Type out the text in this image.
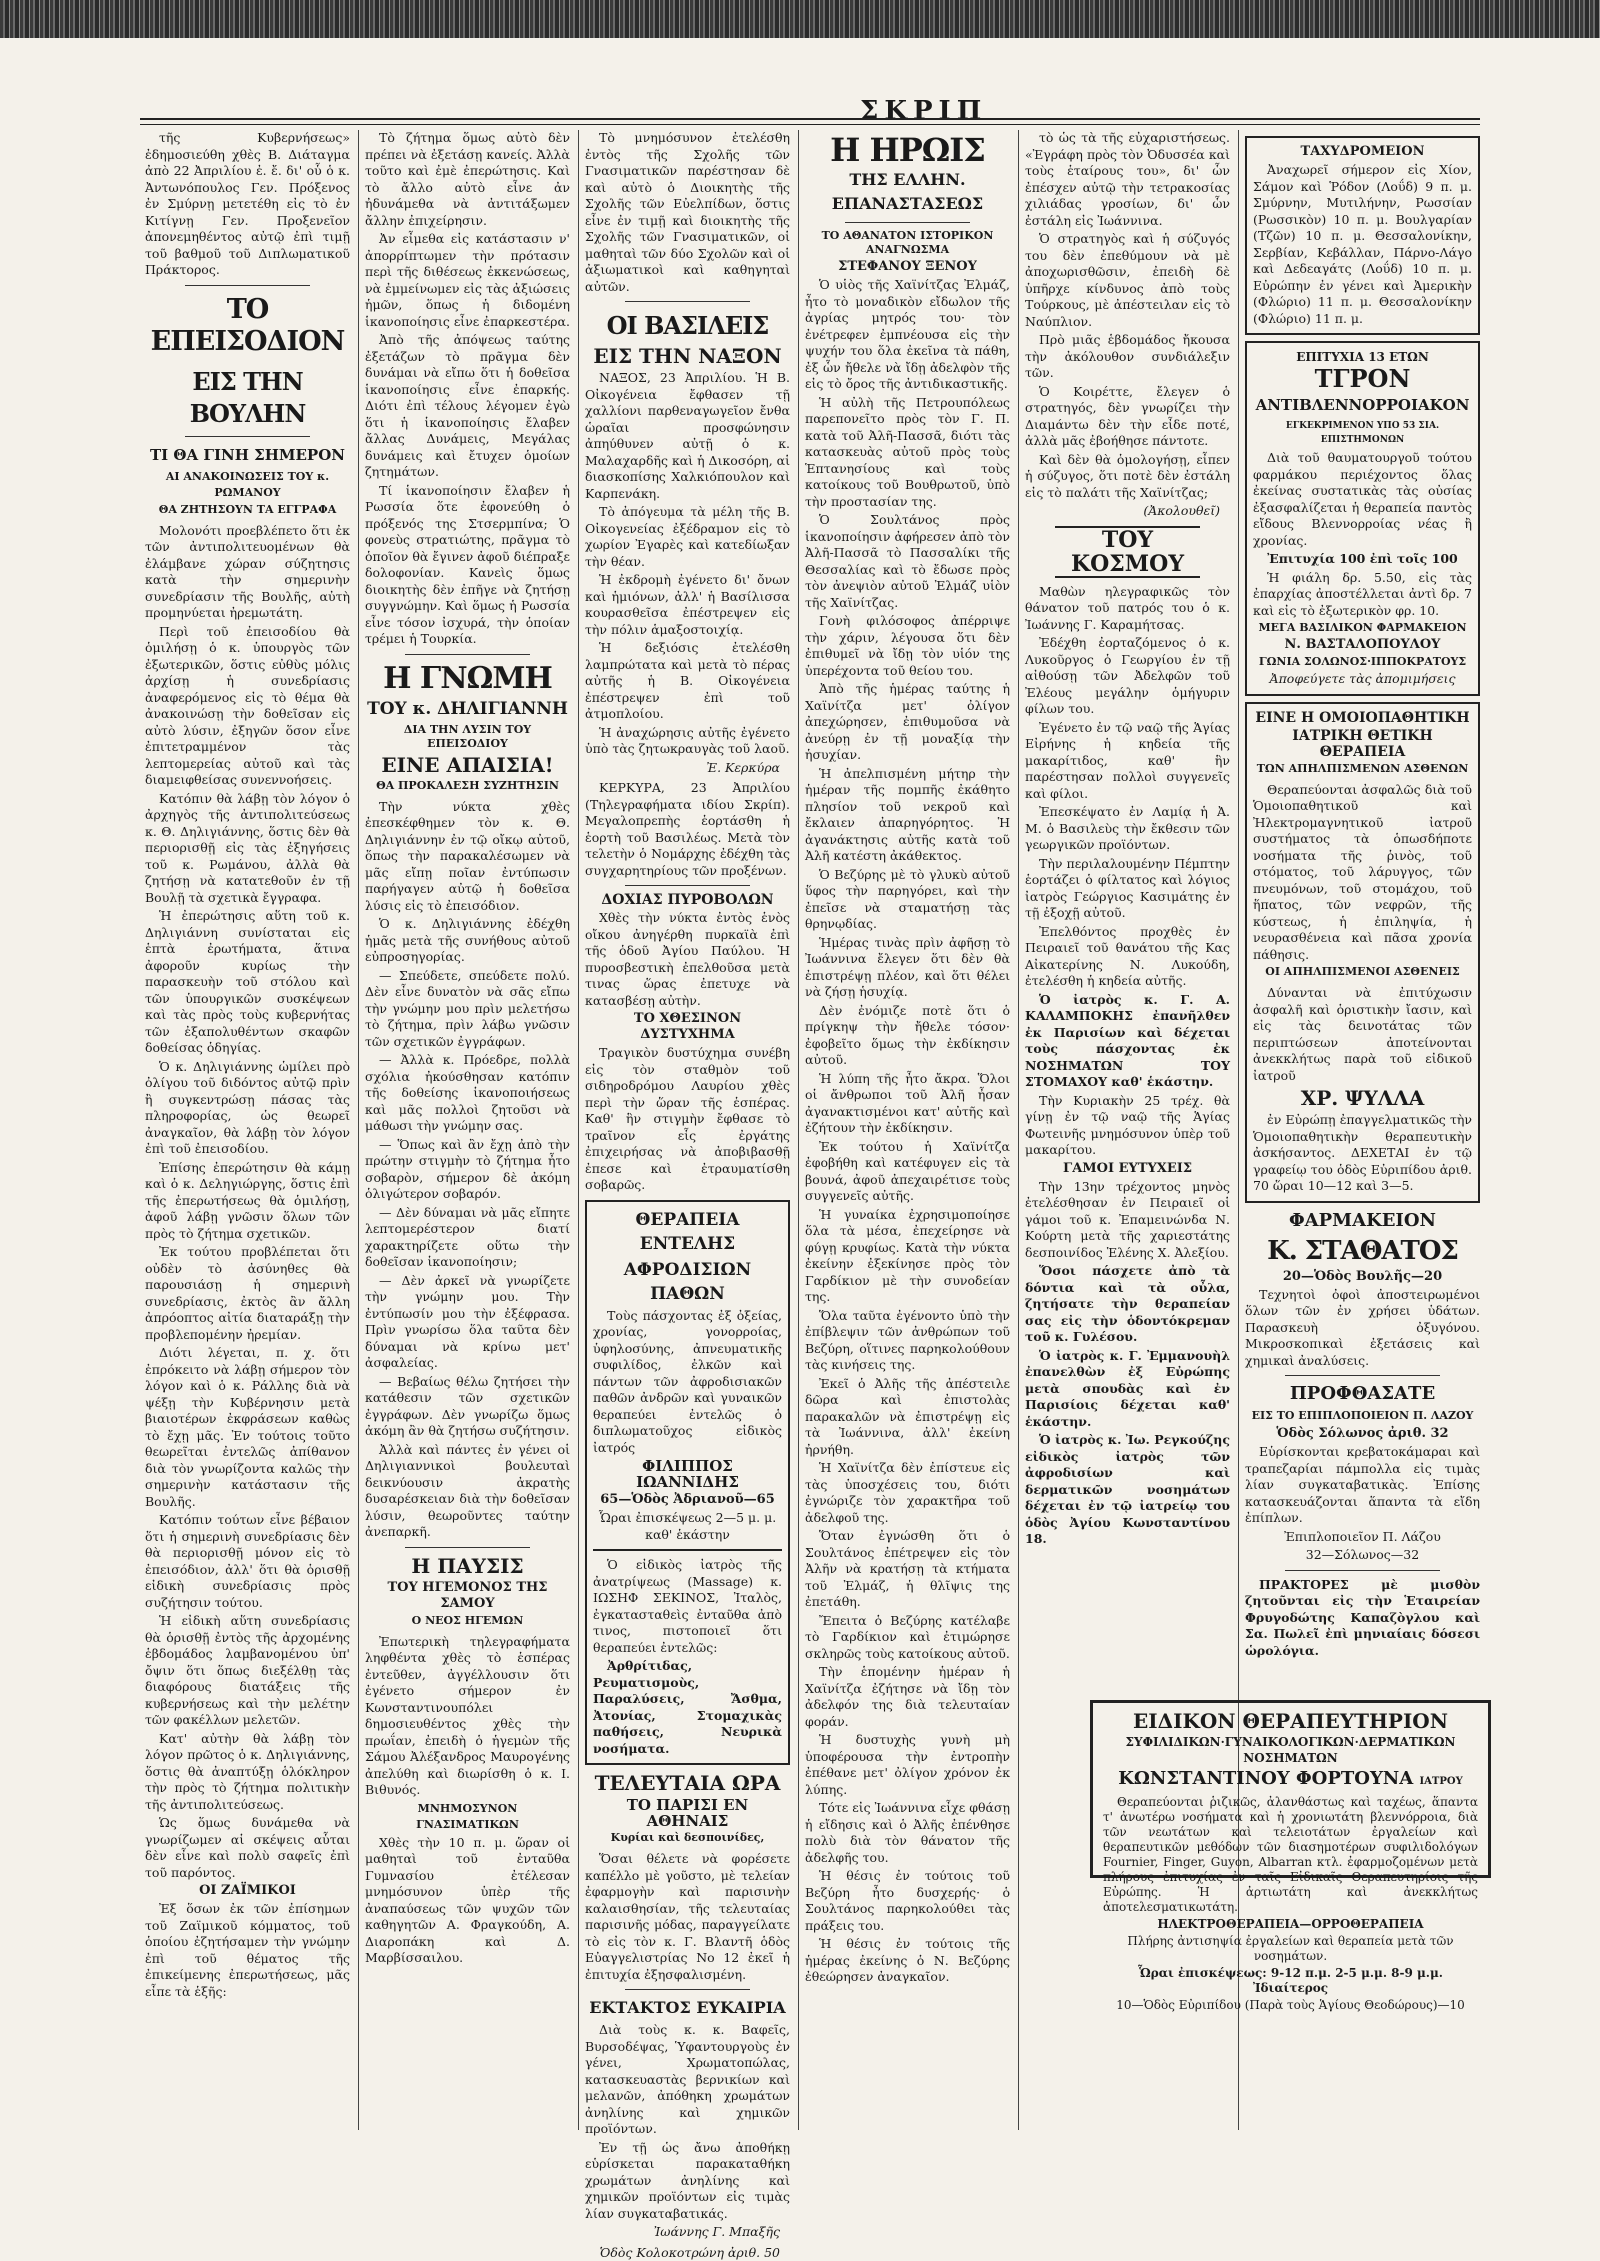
ΣΚΡΙΠ

τῆς Κυβερνήσεως» ἐδημοσιεύθη χθὲς Β. Διάταγμα ἀπὸ 22 Ἀπριλίου ἐ. ἔ. δι' οὗ ὁ κ. Ἀντωνόπουλος Γεν. Πρόξενος ἐν Σμύρνῃ μετετέθη εἰς τὸ ἐν Κιτίγνῃ Γεν. Προξενεῖον ἀπονεμηθέντος αὐτῷ ἐπὶ τιμῇ τοῦ βαθμοῦ τοῦ Διπλωματικοῦ Πράκτορος.

ΤΟ ΕΠΕΙΣΟΔΙΟΝ
ΕΙΣ ΤΗΝ ΒΟΥΛΗΝ
ΤΙ ΘΑ ΓΙΝΗ ΣΗΜΕΡΟΝ
ΑΙ ΑΝΑΚΟΙΝΩΣΕΙΣ ΤΟΥ κ. ΡΩΜΑΝΟΥ
ΘΑ ΖΗΤΗΣΟΥΝ ΤΑ ΕΓΓΡΑΦΑ

Μολονότι προεβλέπετο ὅτι ἐκ τῶν ἀντιπολιτευομένων θὰ ἐλάμβανε χώραν σύζητησις κατὰ τὴν σημερινὴν συνεδρίασιν τῆς Βουλῆς, αὐτὴ προμηνύεται ἠρεμωτάτη.

Περὶ τοῦ ἐπεισοδίου θὰ ὁμιλήσῃ ὁ κ. ὑπουργὸς τῶν ἐξωτερικῶν, ὅστις εὐθὺς μόλις ἀρχίσῃ ἡ συνεδρίασις ἀναφερόμενος εἰς τὸ θέμα θὰ ἀνακοινώσῃ τὴν δοθεῖσαν εἰς αὐτὸ λύσιν, ἐξηγῶν ὅσον εἶνε ἐπιτετραμμένον τὰς λεπτομερείας αὐτοῦ καὶ τὰς διαμειφθείσας συνεννοήσεις.

Κατόπιν θὰ λάβῃ τὸν λόγον ὁ ἀρχηγὸς τῆς ἀντιπολιτεύσεως κ. Θ. Δηλιγιάννης, ὅστις δὲν θὰ περιορισθῇ εἰς τὰς ἐξηγήσεις τοῦ κ. Ρωμάνου, ἀλλὰ θὰ ζητήσῃ νὰ κατατεθοῦν ἐν τῇ Βουλῇ τὰ σχετικὰ ἔγγραφα.

Ἡ ἐπερώτησις αὕτη τοῦ κ. Δηλιγιάννη συνίσταται εἰς ἑπτὰ ἐρωτήματα, ἅτινα ἀφοροῦν κυρίως τὴν παρασκευὴν τοῦ στόλου καὶ τῶν ὑπουργικῶν συσκέψεων καὶ τὰς πρὸς τοὺς κυβερνήτας τῶν ἐξαπολυθέντων σκαφῶν δοθείσας ὁδηγίας.

Ὁ κ. Δηλιγιάννης ὡμίλει πρὸ ὀλίγου τοῦ διδόντος αὐτῷ πρὶν ἢ συγκεντρώσῃ πάσας τὰς πληροφορίας, ὡς θεωρεῖ ἀναγκαῖον, θὰ λάβῃ τὸν λόγον ἐπὶ τοῦ ἐπεισοδίου.

Ἐπίσης ἐπερώτησιν θὰ κάμῃ καὶ ὁ κ. Δεληγιώργης, ὅστις ἐπὶ τῆς ἐπερωτήσεως θὰ ὁμιλήσῃ, ἀφοῦ λάβῃ γνῶσιν ὅλων τῶν πρὸς τὸ ζήτημα σχετικῶν.

Ἐκ τούτου προβλέπεται ὅτι οὐδὲν τὸ ἀσύνηθες θὰ παρουσιάσῃ ἡ σημερινὴ συνεδρίασις, ἐκτὸς ἂν ἄλλη ἀπρόοπτος αἰτία διαταράξῃ τὴν προβλεπομένην ἠρεμίαν.

Διότι λέγεται, π. χ. ὅτι ἐπρόκειτο νὰ λάβῃ σήμερον τὸν λόγον καὶ ὁ κ. Ράλλης διὰ νὰ ψέξῃ τὴν Κυβέρνησιν μετὰ βιαιοτέρων ἐκφράσεων καθὼς τὸ ἔχῃ μᾶς. Ἐν τούτοις τοῦτο θεωρεῖται ἐντελῶς ἀπίθανον διὰ τὸν γνωρίζοντα καλῶς τὴν σημερινὴν κατάστασιν τῆς Βουλῆς.

Κατόπιν τούτων εἶνε βέβαιον ὅτι ἡ σημερινὴ συνεδρίασις δὲν θὰ περιορισθῇ μόνον εἰς τὸ ἐπεισόδιον, ἀλλ' ὅτι θὰ ὁρισθῇ εἰδικὴ συνεδρίασις πρὸς συζήτησιν τούτου.

Ἡ εἰδικὴ αὕτη συνεδρίασις θὰ ὁρισθῇ ἐντὸς τῆς ἀρχομένης ἑβδομάδος λαμβανομένου ὑπ' ὄψιν ὅτι ὅπως διεξέλθῃ τὰς διαφόρους διατάξεις τῆς κυβερνήσεως καὶ τὴν μελέτην τῶν φακέλλων μελετῶν.

Κατ' αὐτὴν θὰ λάβῃ τὸν λόγον πρῶτος ὁ κ. Δηλιγιάννης, ὅστις θὰ ἀναπτύξῃ ὁλόκληρον τὴν πρὸς τὸ ζήτημα πολιτικὴν τῆς ἀντιπολιτεύσεως.

Ὡς ὅμως δυνάμεθα νὰ γνωρίζωμεν αἱ σκέψεις αὗται δὲν εἶνε καὶ πολὺ σαφεῖς ἐπὶ τοῦ παρόντος.

ΟΙ ΖΑΪΜΙΚΟΙ

Ἐξ ὅσων ἐκ τῶν ἐπίσημων τοῦ Ζαϊμικοῦ κόμματος, τοῦ ὁποίου ἐζητήσαμεν τὴν γνώμην ἐπὶ τοῦ θέματος τῆς ἐπικείμενης ἐπερωτήσεως, μᾶς εἶπε τὰ ἑξῆς:

Τὸ ζήτημα ὅμως αὐτὸ δὲν πρέπει νὰ ἐξετάσῃ κανείς. Ἀλλὰ τοῦτο καὶ ἐμὲ ἐπερώτησις. Καὶ τὸ ἄλλο αὐτὸ εἶνε ἀν ἠδυνάμεθα νὰ ἀντιτάξωμεν ἄλλην ἐπιχείρησιν.

Ἀν εἶμεθα εἰς κατάστασιν ν' ἀπορρίπτωμεν τὴν πρότασιν περὶ τῆς διθέσεως ἐκκενώσεως, νὰ ἐμμείνωμεν εἰς τὰς ἀξιώσεις ἡμῶν, ὅπως ἡ διδομένη ἱκανοποίησις εἶνε ἐπαρκεστέρα.

Ἀπὸ τῆς ἀπόψεως ταύτης ἐξετάζων τὸ πρᾶγμα δὲν δυνάμαι νὰ εἴπω ὅτι ἡ δοθεῖσα ἱκανοποίησις εἶνε ἐπαρκής. Διότι ἐπὶ τέλους λέγομεν ἐγὼ ὅτι ἡ ἱκανοποίησις ἔλαβεν ἄλλας Δυνάμεις, Μεγάλας δυνάμεις καὶ ἔτυχεν ὁμοίων ζητημάτων.

Τί ἱκανοποίησιν ἔλαβεν ἡ Ρωσσία ὅτε ἐφονεύθη ὁ πρόξενός της Στσερμπίνα; Ὁ φονεὺς στρατιώτης, πρᾶγμα τὸ ὁποῖον θὰ ἔγινεν ἀφοῦ διέπραξε δολοφονίαν. Κανεὶς ὅμως διοικητὴς δὲν ἐπῆγε νὰ ζητήσῃ συγγνώμην. Καὶ ὅμως ἡ Ρωσσία εἶνε τόσον ἰσχυρά, τὴν ὁποίαν τρέμει ἡ Τουρκία.

Η ΓΝΩΜΗ
ΤΟΥ κ. ΔΗΛΙΓΙΑΝΝΗ
ΔΙΑ ΤΗΝ ΛΥΣΙΝ ΤΟΥ ΕΠΕΙΣΟΔΙΟΥ
ΕΙΝΕ ΑΠΑΙΣΙΑ!
ΘΑ ΠΡΟΚΑΛΕΣΗ ΣΥΖΗΤΗΣΙΝ

Τὴν νύκτα χθὲς ἐπεσκέφθημεν τὸν κ. Θ. Δηλιγιάννην ἐν τῷ οἴκῳ αὐτοῦ, ὅπως τὴν παρακαλέσωμεν νὰ μᾶς εἴπῃ ποῖαν ἐντύπωσιν παρήγαγεν αὐτῷ ἡ δοθεῖσα λύσις εἰς τὸ ἐπεισόδιον.

Ὁ κ. Δηλιγιάννης ἐδέχθη ἡμᾶς μετὰ τῆς συνήθους αὐτοῦ εὐπροσηγορίας.

— Σπεύδετε, σπεύδετε πολύ. Δὲν εἶνε δυνατὸν νὰ σᾶς εἴπω τὴν γνώμην μου πρὶν μελετήσω τὸ ζήτημα, πρὶν λάβω γνῶσιν τῶν σχετικῶν ἐγγράφων.

— Ἀλλὰ κ. Πρόεδρε, πολλὰ σχόλια ἠκούσθησαν κατόπιν τῆς δοθείσης ἱκανοποιήσεως καὶ μᾶς πολλοὶ ζητοῦσι νὰ μάθωσι τὴν γνώμην σας.

— Ὅπως καὶ ἂν ἔχῃ ἀπὸ τὴν πρώτην στιγμὴν τὸ ζήτημα ἦτο σοβαρὸν, σήμερον δὲ ἀκόμη ὁλιγώτερον σοβαρόν.

— Δὲν δύναμαι νὰ μᾶς εἴπητε λεπτομερέστερον διατί χαρακτηρίζετε οὕτω τὴν δοθεῖσαν ἱκανοποίησιν;

— Δὲν ἀρκεῖ νὰ γνωρίζετε τὴν γνώμην μου. Τὴν ἐντύπωσίν μου τὴν ἐξέφρασα. Πρὶν γνωρίσω ὅλα ταῦτα δὲν δύναμαι νὰ κρίνω μετ' ἀσφαλείας.

— Βεβαίως θέλω ζητήσει τὴν κατάθεσιν τῶν σχετικῶν ἐγγράφων. Δὲν γνωρίζω ὅμως ἀκόμη ἂν θὰ ζητήσω συζήτησιν.

Ἀλλὰ καὶ πάντες ἐν γένει οἱ Δηλιγιαννικοὶ βουλευταὶ δεικνύουσιν ἀκρατὴς δυσαρέσκειαν διὰ τὴν δοθεῖσαν λύσιν, θεωροῦντες ταύτην ἀνεπαρκῆ.

Η ΠΑΥΣΙΣ
ΤΟΥ ΗΓΕΜΟΝΟΣ ΤΗΣ ΣΑΜΟΥ
Ο ΝΕΟΣ ΗΓΕΜΩΝ

Ἐπωτερικὴ τηλεγραφήματα ληφθέντα χθὲς τὸ ἑσπέρας ἐντεῦθεν, ἀγγέλλουσιν ὅτι ἐγένετο σήμερον ἐν Κωνσταντινουπόλει δημοσιευθέντος χθὲς τὴν πρωΐαν, ἐπειδὴ ὁ ἡγεμὼν τῆς Σάμου Ἀλέξανδρος Μαυρογένης ἀπελύθη καὶ διωρίσθη ὁ κ. Ι. Βιθυνός.

ΜΝΗΜΟΣΥΝΟΝ ΓΝΑΣΙΜΑΤΙΚΩΝ

Χθὲς τὴν 10 π. μ. ὥραν οἱ μαθηταὶ τοῦ ἐνταῦθα Γυμνασίου ἐτέλεσαν μνημόσυνον ὑπὲρ τῆς ἀναπαύσεως τῶν ψυχῶν τῶν καθηγητῶν Α. Φραγκούδη, Α. Διαροπάκη καὶ Δ. Μαρβίσσαιλου.

Τὸ μνημόσυνον ἐτελέσθη ἐντὸς τῆς Σχολῆς τῶν Γνασιματικῶν παρέστησαν δὲ καὶ αὐτὸ ὁ Διοικητὴς τῆς Σχολῆς τῶν Εὐελπίδων, ὅστις εἶνε ἐν τιμῇ καὶ διοικητὴς τῆς Σχολῆς τῶν Γνασιματικῶν, οἱ μαθηταὶ τῶν δύο Σχολῶν καὶ οἱ ἀξιωματικοὶ καὶ καθηγηταὶ αὐτῶν.

ΟΙ ΒΑΣΙΛΕΙΣ
ΕΙΣ ΤΗΝ ΝΑΞΟΝ

ΝΑΞΟΣ, 23 Ἀπριλίου. Ἡ Β. Οἰκογένεια ἔφθασεν τῇ χαλλίονι παρθεναγωγεῖον ἔνθα ὡραῖαι προσφώνησιν ἀπηύθυνεν αὐτῇ ὁ κ. Μαλαχαρδῆς καὶ ἡ Δικοσόρη, αἱ διασκοπίσης Χαλκιόπουλον καὶ Καρπενάκη.

Τὸ ἀπόγευμα τὰ μέλη τῆς Β. Οἰκογενείας ἐξέδραμον εἰς τὸ χωρίον Ἐγαρὲς καὶ κατεδίωξαν τὴν θέαν.

Ἡ ἐκδρομὴ ἐγένετο δι' ὄνων καὶ ἡμιόνων, ἀλλ' ἡ Βασίλισσα κουρασθεῖσα ἐπέστρεψεν εἰς τὴν πόλιν ἁμαξοστοιχίᾳ.

Ἡ δεξιόσις ἐτελέσθη λαμπρώτατα καὶ μετὰ τὸ πέρας αὐτῆς ἡ Β. Οἰκογένεια ἐπέστρεψεν ἐπὶ τοῦ ἀτμοπλοίου.

Ἡ ἀναχώρησις αὐτῆς ἐγένετο ὑπὸ τὰς ζητωκραυγὰς τοῦ λαοῦ.

Ἐ. Κερκύρα

ΚΕΡΚΥΡΑ, 23 Ἀπριλίου (Τηλεγραφήματα ιδίου Σκρίπ). Μεγαλοπρεπὴς ἑορτάσθη ἡ ἑορτὴ τοῦ Βασιλέως. Μετὰ τὸν τελετὴν ὁ Νομάρχης ἐδέχθη τὰς συγχαρητηρίους τῶν προξένων.

ΔΟΧΙΑΣ ΠΥΡΟΒΟΛΩΝ

Χθὲς τὴν νύκτα ἐντὸς ἑνὸς οἴκου ἀνηγέρθη πυρκαϊὰ ἐπὶ τῆς ὁδοῦ Ἀγίου Παύλου. Ἡ πυροσβεστικὴ ἐπελθοῦσα μετὰ τινας ὥρας ἐπετυχε νὰ κατασβέσῃ αὐτὴν.

ΤΟ ΧΘΕΣΙΝΟΝ ΔΥΣΤΥΧΗΜΑ

Τραγικὸν δυστύχημα συνέβη εἰς τὸν σταθμὸν τοῦ σιδηροδρόμου Λαυρίου χθὲς περὶ τὴν ὥραν τῆς ἑσπέρας. Καθ' ἣν στιγμὴν ἔφθασε τὸ τραῖνον εἷς ἐργάτης ἐπιχειρήσας νὰ ἀποβιβασθῇ ἐπεσε καὶ ἐτραυματίσθη σοβαρῶς.

ΘΕΡΑΠΕΙΑ ΕΝΤΕΛΗΣ
ΑΦΡΟΔΙΣΙΩΝ ΠΑΘΩΝ

Τοὺς πάσχοντας ἐξ ὀξείας, χρονίας, γονορροίας, ὑφηλοσύνης, ἀπνευματικῆς συφιλίδος, ἐλκῶν καὶ πάντων τῶν ἀφροδισιακῶν παθῶν ἀνδρῶν καὶ γυναικῶν θεραπεύει ἐντελῶς ὁ διπλωματοῦχος εἰδικὸς ἰατρός

ΦΙΛΙΠΠΟΣ ΙΩΑΝΝΙΔΗΣ
65—Ὁδὸς Ἀδριανοῦ—65

Ὧραι ἐπισκέψεως 2—5 μ. μ. καθ' ἑκάστην

Ὁ εἰδικὸς ἰατρὸς τῆς ἀνατρίψεως (Massage) κ. ΙΩΣΗΦ ΣΕΚΙΝΟΣ, Ἰταλὸς, ἐγκατασταθεὶς ἐνταῦθα ἀπὸ τινος, πιστοποιεῖ ὅτι θεραπεύει ἐντελῶς:

Ἀρθρίτιδας, Ρευματισμοὺς, Παραλύσεις, Ἄσθμα, Ἀτονίας, Στομαχικὰς παθήσεις, Νευρικὰ νοσήματα.

ΤΕΛΕΥΤΑΙΑ ΩΡΑ
ΤΟ ΠΑΡΙΣΙ ΕΝ ΑΘΗΝΑΙΣ
Κυρίαι καὶ δεσποινίδες,

Ὅσαι θέλετε νὰ φορέσετε καπέλλο μὲ γοῦστο, μὲ τελείαν ἐφαρμογὴν καὶ παρισινὴν καλαισθησίαν, τῆς τελευταίας παρισινῆς μόδας, παραγγείλατε τὸ εἰς τὸν κ. Γ. Βλαντῆ ὁδὸς Εὐαγγελιστρίας Νο 12 ἐκεῖ ἡ ἐπιτυχία ἐξησφαλισμένη.

ΕΚΤΑΚΤΟΣ ΕΥΚΑΙΡΙΑ

Διὰ τοὺς κ. κ. Βαφεῖς, Βυρσοδέψας, Ὑφαντουργοὺς ἐν γένει, Χρωματοπώλας, κατασκευαστὰς βερνικίων καὶ μελανῶν, ἀπόθηκη χρωμάτων ἀνηλίνης καὶ χημικῶν προϊόντων.

Ἐν τῇ ὡς ἄνω ἀποθήκῃ εὑρίσκεται παρακαταθήκη χρωμάτων ἀνηλίνης καὶ χημικῶν προϊόντων εἰς τιμὰς λίαν συγκαταβατικάς.

Ἰωάννης Γ. Μπαξῆς

Ὁδὸς Κολοκοτρώνη ἀριθ. 50

Η ΗΡΩΙΣ
ΤΗΣ ΕΛΛΗΝ. ΕΠΑΝΑΣΤΑΣΕΩΣ
ΤΟ ΑΘΑΝΑΤΟΝ ΙΣΤΟΡΙΚΟΝ ΑΝΑΓΝΩΣΜΑ
ΣΤΕΦΑΝΟΥ ΞΕΝΟΥ

Ὁ υἱὸς τῆς Χαϊνίτζας Ἐλμάζ, ἦτο τὸ μοναδικὸν εἴδωλον τῆς ἀγρίας μητρός του· τὸν ἐνέτρεφεν ἐμπνέουσα εἰς τὴν ψυχήν του ὅλα ἐκεῖνα τὰ πάθη, ἐξ ὧν ἤθελε νὰ ἴδῃ ἀδελφὸν τῆς εἰς τὸ ὄρος τῆς ἀντιδικαστικῆς.

Ἡ αὐλὴ τῆς Πετρουπόλεως παρεπονεῖτο πρὸς τὸν Γ. Π. κατὰ τοῦ Ἀλῆ-Πασσᾶ, διότι τὰς κατασκευὰς αὐτοῦ πρὸς τοὺς Ἑπτανησίους καὶ τοὺς κατοίκους τοῦ Βουθρωτοῦ, ὑπὸ τὴν προστασίαν της.

Ὁ Σουλτάνος πρὸς ἱκανοποίησιν ἀφήρεσεν ἀπὸ τὸν Ἀλῆ-Πασσᾶ τὸ Πασσαλίκι τῆς Θεσσαλίας καὶ τὸ ἔδωσε πρὸς τὸν ἀνεψιὸν αὐτοῦ Ἐλμάζ υἱὸν τῆς Χαϊνίτζας.

Γονὴ φιλόσοφος ἀπέρριψε τὴν χάριν, λέγουσα ὅτι δὲν ἐπιθυμεῖ νὰ ἴδῃ τὸν υἱόν της ὑπερέχοντα τοῦ θείου του.

Ἀπὸ τῆς ἡμέρας ταύτης ἡ Χαϊνίτζα μετ' ὀλίγον ἀπεχώρησεν, ἐπιθυμοῦσα νὰ ἀνεύρῃ ἐν τῇ μοναξίᾳ τὴν ἡσυχίαν.

Ἡ ἀπελπισμένη μήτηρ τὴν ἡμέραν τῆς πομπῆς ἐκάθητο πλησίον τοῦ νεκροῦ καὶ ἔκλαιεν ἀπαρηγόρητος. Ἡ ἀγανάκτησις αὐτῆς κατὰ τοῦ Ἀλῆ κατέστη ἀκάθεκτος.

Ὁ Βεζύρης μὲ τὸ γλυκὺ αὐτοῦ ὕφος τὴν παρηγόρει, καὶ τὴν ἐπεῖσε νὰ σταματήσῃ τὰς θρηνῳδίας.

Ἡμέρας τινὰς πρὶν ἀφῆσῃ τὸ Ἰωάννινα ἔλεγεν ὅτι δὲν θὰ ἐπιστρέψῃ πλέον, καὶ ὅτι θέλει νὰ ζήσῃ ἡσυχίᾳ.

Δὲν ἐνόμιζε ποτὲ ὅτι ὁ πρίγκηψ τὴν ἤθελε τόσον· ἐφοβεῖτο ὅμως τὴν ἐκδίκησιν αὐτοῦ.

Ἡ λύπη τῆς ἦτο ἄκρα. Ὅλοι οἱ ἄνθρωποι τοῦ Ἀλῆ ἦσαν ἀγανακτισμένοι κατ' αὐτῆς καὶ ἐζήτουν τὴν ἐκδίκησιν.

Ἐκ τούτου ἡ Χαϊνίτζα ἐφοβήθη καὶ κατέφυγεν εἰς τὰ βουνά, ἀφοῦ ἀπεχαιρέτισε τοὺς συγγενεῖς αὐτῆς.

Ἡ γυναίκα ἐχρησιμοποίησε ὅλα τὰ μέσα, ἐπεχείρησε νὰ φύγῃ κρυφίως. Κατὰ τὴν νύκτα ἐκείνην ἐξεκίνησε πρὸς τὸν Γαρδίκιον μὲ τὴν συνοδείαν της.

Ὅλα ταῦτα ἐγένοντο ὑπὸ τὴν ἐπίβλεψιν τῶν ἀνθρώπων τοῦ Βεζύρη, οἵτινες παρηκολούθουν τὰς κινήσεις της.

Ἐκεῖ ὁ Ἀλῆς τῆς ἀπέστειλε δῶρα καὶ ἐπιστολὰς παρακαλῶν νὰ ἐπιστρέψῃ εἰς τὰ Ἰωάννινα, ἀλλ' ἐκείνη ἠρνήθη.

Ἡ Χαϊνίτζα δὲν ἐπίστευε εἰς τὰς ὑποσχέσεις του, διότι ἐγνώριζε τὸν χαρακτῆρα τοῦ ἀδελφοῦ της.

Ὅταν ἐγνώσθη ὅτι ὁ Σουλτάνος ἐπέτρεψεν εἰς τὸν Ἀλῆν νὰ κρατήσῃ τὰ κτήματα τοῦ Ἐλμάζ, ἡ θλῖψις της ἐπετάθη.

Ἔπειτα ὁ Βεζύρης κατέλαβε τὸ Γαρδίκιον καὶ ἐτιμώρησε σκληρῶς τοὺς κατοίκους αὐτοῦ.

Τὴν ἑπομένην ἡμέραν ἡ Χαϊνίτζα ἐζήτησε νὰ ἴδῃ τὸν ἀδελφόν της διὰ τελευταίαν φοράν.

Ἡ δυστυχὴς γυνὴ μὴ ὑποφέρουσα τὴν ἐντροπὴν ἐπέθανε μετ' ὀλίγον χρόνον ἐκ λύπης.

Τότε εἰς Ἰωάννινα εἶχε φθάσῃ ἡ εἴδησις καὶ ὁ Ἀλῆς ἐπένθησε πολὺ διὰ τὸν θάνατον τῆς ἀδελφῆς του.

Ἡ θέσις ἐν τούτοις τοῦ Βεζύρη ἦτο δυσχερής· ὁ Σουλτάνος παρηκολούθει τὰς πράξεις του.

Ἡ θέσις ἐν τούτοις τῆς ἡμέρας ἐκείνης ὁ Ν. Βεζύρης ἐθεώρησεν ἀναγκαῖον.

τὸ ὡς τὰ τῆς εὐχαριστήσεως. «Ἐγράφη πρὸς τὸν Ὀδυσσέα καὶ τοὺς ἑταίρους του», δι' ὧν ἐπέσχεν αὐτῷ τὴν τετρακοσίας χιλιάδας γροσίων, δι' ὧν ἐστάλη εἰς Ἰωάννινα.

Ὁ στρατηγὸς καὶ ἡ σύζυγός του δὲν ἐπεθύμουν νὰ μὲ ἀποχωρισθῶσιν, ἐπειδὴ δὲ ὑπῆρχε κίνδυνος ἀπὸ τοὺς Τούρκους, μὲ ἀπέστειλαν εἰς τὸ Ναύπλιον.

Πρὸ μιᾶς ἑβδομάδος ἤκουσα τὴν ἀκόλουθον συνδιάλεξιν τῶν.

Ὁ Κοιρέττε, ἔλεγεν ὁ στρατηγός, δὲν γνωρίζει τὴν Διαμάντω δὲν τὴν εἶδε ποτέ, ἀλλὰ μᾶς ἐβοήθησε πάντοτε.

Καὶ δὲν θὰ ὁμολογήσῃ, εἶπεν ἡ σύζυγος, ὅτι ποτὲ δὲν ἐστάλη εἰς τὸ παλάτι τῆς Χαϊνίτζας;

(Ἀκολουθεῖ)

ΤΟΥ ΚΟΣΜΟΥ

Μαθὼν ηλεγραφικῶς τὸν θάνατον τοῦ πατρός του ὁ κ. Ἰωάννης Γ. Καραμήτσας.

Ἐδέχθη ἐορταζόμενος ὁ κ. Λυκοῦργος ὁ Γεωργίου ἐν τῇ αἰθούσῃ τῶν Ἀδελφῶν τοῦ Ἐλέους μεγάλην ὁμήγυριν φίλων του.

Ἐγένετο ἐν τῷ ναῷ τῆς Ἁγίας Εἰρήνης ἡ κηδεία τῆς μακαρίτιδος, καθ' ἣν παρέστησαν πολλοὶ συγγενεῖς καὶ φίλοι.

Ἐπεσκέψατο ἐν Λαμίᾳ ἡ Ἀ. Μ. ὁ Βασιλεὺς τὴν ἔκθεσιν τῶν γεωργικῶν προϊόντων.

Τὴν περιλαλουμένην Πέμπτην ἑορτάζει ὁ φίλτατος καὶ λόγιος ἰατρὸς Γεώργιος Κασιμάτης ἐν τῇ ἐξοχῇ αὐτοῦ.

Ἐπελθόντος προχθὲς ἐν Πειραιεῖ τοῦ θανάτου τῆς Κας Αἰκατερίνης Ν. Λυκούδη, ἐτελέσθη ἡ κηδεία αὐτῆς.

Ὁ ἰατρὸς κ. Γ. Α. ΚΑΛΑΜΠΟΚΗΣ ἐπανῆλθεν ἐκ Παρισίων καὶ δέχεται τοὺς πάσχοντας ἐκ ΝΟΣΗΜΑΤΩΝ ΤΟΥ ΣΤΟΜΑΧΟΥ καθ' ἑκάστην.

Τὴν Κυριακὴν 25 τρέχ. θὰ γίνῃ ἐν τῷ ναῷ τῆς Ἁγίας Φωτεινῆς μνημόσυνον ὑπὲρ τοῦ μακαρίτου.

ΓΑΜΟΙ ΕΥΤΥΧΕΙΣ

Τὴν 13ην τρέχοντος μηνὸς ἐτελέσθησαν ἐν Πειραιεῖ οἱ γάμοι τοῦ κ. Ἐπαμεινώνδα Ν. Κούρτη μετὰ τῆς χαριεστάτης δεσποινίδος Ἑλένης Χ. Ἀλεξίου.

Ὅσοι πάσχετε ἀπὸ τὰ δόντια καὶ τὰ οὖλα, ζητήσατε τὴν θεραπείαν σας εἰς τὴν ὁδοντόκρεμαν τοῦ κ. Γυλέσου.

Ὁ ἰατρὸς κ. Γ. Ἐμμανουὴλ ἐπανελθὼν ἐξ Εὐρώπης μετὰ σπουδὰς καὶ ἐν Παρισίοις δέχεται καθ' ἑκάστην.

Ὁ ἰατρὸς κ. Ἰω. Ρεγκούζης εἰδικὸς ἰατρὸς τῶν ἀφροδισίων καὶ δερματικῶν νοσημάτων δέχεται ἐν τῷ ἰατρείῳ του ὁδὸς Ἀγίου Κωνσταντίνου 18.

ΤΑΧΥΔΡΟΜΕΙΟΝ

Ἀναχωρεῖ σήμερον εἰς Χίον, Σάμον καὶ Ῥόδον (Λοΰδ) 9 π. μ. Σμύρνην, Μυτιλήνην, Ρωσσίαν (Ρωσσικὸν) 10 π. μ. Βουλγαρίαν (Τζῶν) 10 π. μ. Θεσσαλονίκην, Σερβίαν, Κεβάλλαν, Πάρνο-Λάγο καὶ Δεδεαγάτς (Λοΰδ) 10 π. μ. Εὐρώπην ἐν γένει καὶ Ἀμερικὴν (Φλώριο) 11 π. μ. Θεσσαλονίκην (Φλώριο) 11 π. μ.

ΕΠΙΤΥΧΙΑ 13 ΕΤΩΝ
ΤΓΡΟΝ
ΑΝΤΙΒΛΕΝΝΟΡΡΟΙΑΚΟΝ
ΕΓΚΕΚΡΙΜΕΝΟΝ ΥΠΟ 53 ΣΙΑ. ΕΠΙΣΤΗΜΟΝΩΝ

Διὰ τοῦ θαυματουργοῦ τούτου φαρμάκου περιέχοντος ὅλας ἐκείνας συστατικὰς τὰς οὐσίας ἐξασφαλίζεται ἡ θεραπεία παντὸς εἴδους Βλεννορροίας νέας ἢ χρονίας.

Ἐπιτυχία 100 ἐπὶ τοῖς 100

Ἡ φιάλη δρ. 5.50, εἰς τὰς ἐπαρχίας ἀποστέλλεται ἀντὶ δρ. 7 καὶ εἰς τὸ ἐξωτερικὸν φρ. 10.

ΜΕΓΑ ΒΑΣΙΛΙΚΟΝ ΦΑΡΜΑΚΕΙΟΝ
Ν. ΒΑΣΤΑΛΟΠΟΥΛΟΥ
ΓΩΝΙΑ ΣΟΛΩΝΟΣ·ΙΠΠΟΚΡΑΤΟΥΣ

Ἀποφεύγετε τὰς ἀπομιμήσεις

ΕΙΝΕ Η ΟΜΟΙΟΠΑΘΗΤΙΚΗ
ΙΑΤΡΙΚΗ ΘΕΤΙΚΗ ΘΕΡΑΠΕΙΑ
ΤΩΝ ΑΠΗΛΠΙΣΜΕΝΩΝ ΑΣΘΕΝΩΝ

Θεραπεύονται ἀσφαλῶς διὰ τοῦ Ὁμοιοπαθητικοῦ καὶ Ἠλεκτρομαγνητικοῦ ἰατροῦ συστήματος τὰ ὁπωσδήποτε νοσήματα τῆς ῥινὸς, τοῦ στόματος, τοῦ λάρυγγος, τῶν πνευμόνων, τοῦ στομάχου, τοῦ ἥπατος, τῶν νεφρῶν, τῆς κύστεως, ἡ ἐπιληψία, ἡ νευρασθένεια καὶ πᾶσα χρονία πάθησις.

ΟΙ ΑΠΗΛΠΙΣΜΕΝΟΙ ΑΣΘΕΝΕΙΣ

Δύνανται νὰ ἐπιτύχωσιν ἀσφαλῆ καὶ ὁριστικὴν ἴασιν, καὶ εἰς τὰς δεινοτάτας τῶν περιπτώσεων ἀποτείνονται ἀνεκκλήτως παρὰ τοῦ εἰδικοῦ ἰατροῦ

ΧΡ. ΨΥΛΛΑ

ἐν Εὐρώπῃ ἐπαγγελματικῶς τὴν Ὁμοιοπαθητικὴν θεραπευτικὴν ἀσκήσαντος. ΔΕΧΕΤΑΙ ἐν τῷ γραφείῳ του ὁδὸς Εὐριπίδου ἀριθ. 70 ὥραι 10—12 καὶ 3—5.

ΦΑΡΜΑΚΕΙΟΝ
Κ. ΣΤΑΘΑΤΟΣ
20—Ὁδὸς Βουλῆς—20

Τεχνητοὶ ὀφοὶ ἀποστειρωμένοι ὅλων τῶν ἐν χρήσει ὑδάτων. Παρασκευὴ ὀξυγόνου. Μικροσκοπικαὶ ἐξετάσεις καὶ χημικαὶ ἀναλύσεις.

ΠΡΟΦΘΑΣΑΤΕ
ΕΙΣ ΤΟ ΕΠΙΠΛΟΠΟΙΕΙΟΝ Π. ΛΑΖΟΥ
Ὁδὸς Σόλωνος ἀριθ. 32

Εὑρίσκονται κρεβατοκάμαραι καὶ τραπεζαρίαι πάμπολλα εἰς τιμὰς λίαν συγκαταβατικὰς. Ἐπίσης κατασκευάζονται ἅπαντα τὰ εἴδη ἐπίπλων.

Ἐπιπλοποιεῖον Π. Λάζου

32—Σόλωνος—32

ΠΡΑΚΤΟΡΕΣ μὲ μισθὸν ζητοῦνται εἰς τὴν Ἑταιρείαν Φρυγοδώτης Καπαζὸγλου καὶ Σα. Πωλεῖ ἐπὶ μηνιαίαις δόσεσι ὡρολόγια.

ΕΙΔΙΚΟΝ ΘΕΡΑΠΕΥΤΗΡΙΟΝ
ΣΥΦΙΛΙΔΙΚΩΝ·ΓΥΝΑΙΚΟΛΟΓΙΚΩΝ·ΔΕΡΜΑΤΙΚΩΝ ΝΟΣΗΜΑΤΩΝ
ΚΩΝΣΤΑΝΤΙΝΟΥ ΦΟΡΤΟΥΝΑ ΙΑΤΡΟΥ

Θεραπεύονται ῥιζικῶς, ἀλανθάστως καὶ ταχέως, ἅπαντα τ' ἀνωτέρω νοσήματα καὶ ἡ χρονιωτάτη βλεννόρροια, διὰ τῶν νεωτάτων καὶ τελειοτάτων ἐργαλείων καὶ θεραπευτικῶν μεθόδων τῶν διασημοτέρων συφιλιδολόγων Fournier, Finger, Guyon, Albarran κτλ. ἐφαρμοζομένων μετὰ πλήρους ἐπιτυχίας ἐν ταῖς Εἰδικαῖς Θεραπευτηρίοις τῆς Εὐρώπης. Ἡ ἀρτιωτάτη καὶ ἀνεκκλήτως ἀποτελεσματικωτάτη.

ΗΛΕΚΤΡΟΘΕΡΑΠΕΙΑ—ΟΡΡΟΘΕΡΑΠΕΙΑ

Πλήρης ἀντισηψία ἐργαλείων καὶ θεραπεία μετὰ τῶν νοσημάτων.

Ὧραι ἐπισκέψεως: 9-12 π.μ. 2-5 μ.μ. 8-9 μ.μ. Ἰδιαίτερος

10—Ὁδὸς Εὐριπίδου (Παρὰ τοὺς Ἁγίους Θεοδώρους)—10
